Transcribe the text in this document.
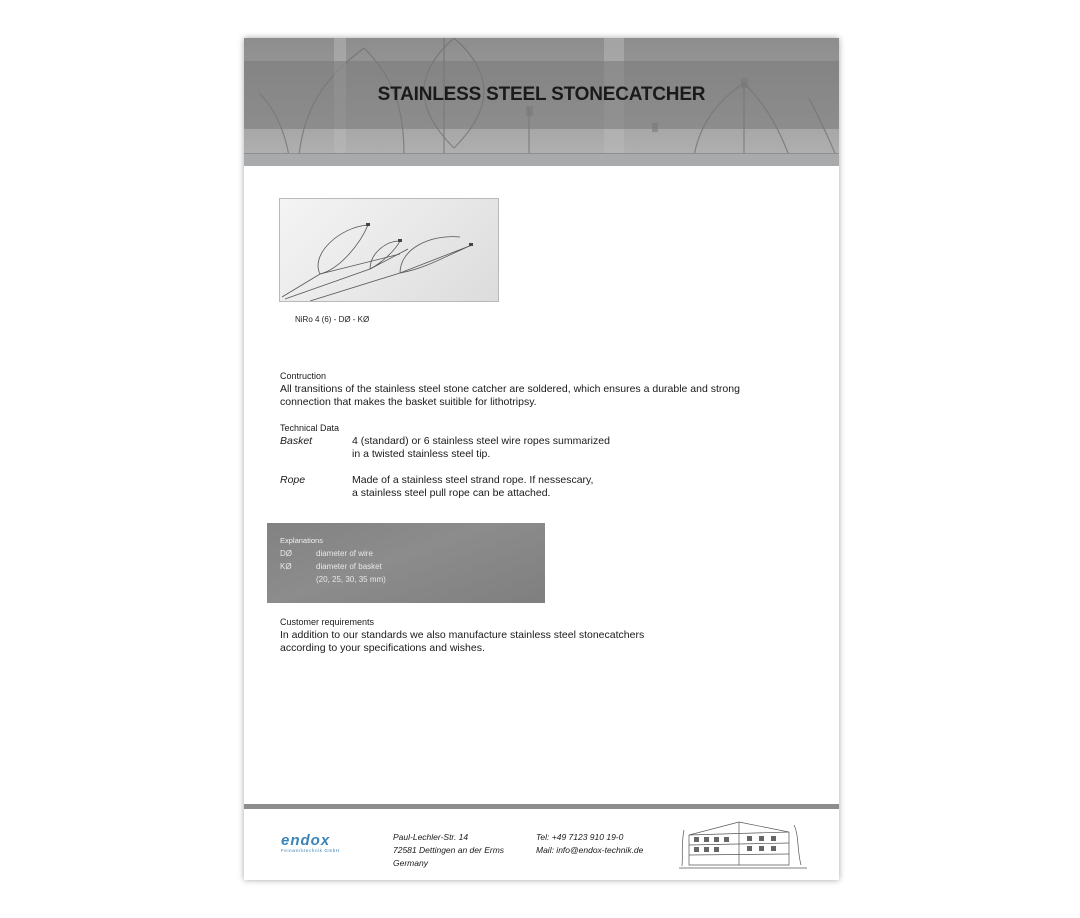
STAINLESS STEEL STONECATCHER
NiRo 4 (6) - DØ - KØ
Contruction
All transitions of the stainless steel stone catcher are soldered, which ensures a durable and strong
connection that makes the basket suitible for lithotripsy.
Technical Data
Basket	4 (standard) or 6 stainless steel wire ropes summarized
in a twisted stainless steel tip.
Rope	Made of a stainless steel strand rope. If nessescary,
a stainless steel pull rope can be attached.
Explanations
DØ	diameter of wire
KØ	diameter of basket
(20, 25, 30, 35 mm)
Customer requirements
In addition to our standards we also manufacture stainless steel stonecatchers
according to your specifications and wishes.
endox
Feinwerktechnik GmbH
Paul-Lechler-Str. 14
72581 Dettingen an der Erms
Germany
Tel: +49 7123 910 19-0
Mail: info@endox-technik.de
